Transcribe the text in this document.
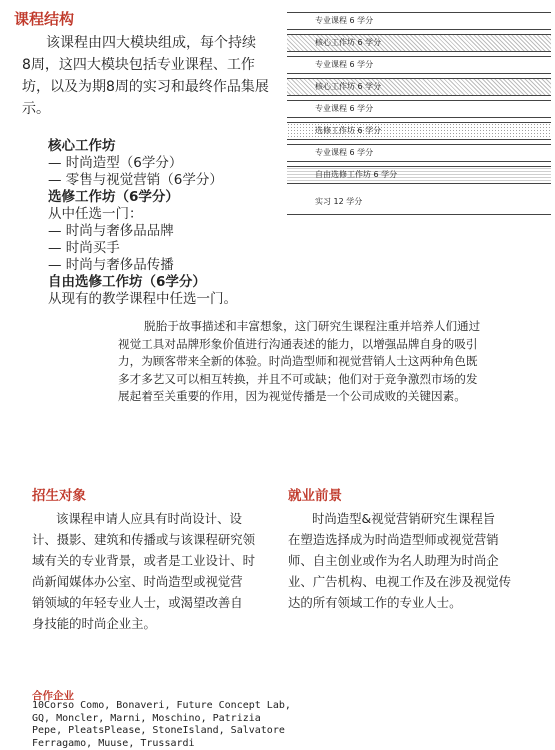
课程结构
该课程由四大模块组成，每个持续
8周，这四大模块包括专业课程、工作
坊，以及为期8周的实习和最终作品集展
示。
核心工作坊
— 时尚造型（6学分）
— 零售与视觉营销（6学分）
选修工作坊（6学分）
从中任选一门：
— 时尚与奢侈品品牌
— 时尚买手
— 时尚与奢侈品传播
自由选修工作坊（6学分）
从现有的教学课程中任选一门。
专业课程 6 学分
核心工作坊 6 学分
专业课程 6 学分
核心工作坊 6 学分
专业课程 6 学分
选修工作坊 6 学分
专业课程 6 学分
自由选修工作坊 6 学分
实习 12 学分
脱胎于故事描述和丰富想象，这门研究生课程注重并培养人们通过
视觉工具对品牌形象价值进行沟通表述的能力，以增强品牌自身的吸引
力，为顾客带来全新的体验。时尚造型师和视觉营销人士这两种角色既
多才多艺又可以相互转换，并且不可或缺；他们对于竞争激烈市场的发
展起着至关重要的作用，因为视觉传播是一个公司成败的关键因素。
招生对象
该课程申请人应具有时尚设计、设
计、摄影、建筑和传播或与该课程研究领
域有关的专业背景，或者是工业设计、时
尚新闻媒体办公室、时尚造型或视觉营
销领域的年轻专业人士，或渴望改善自
身技能的时尚企业主。
就业前景
时尚造型&视觉营销研究生课程旨
在塑造选择成为时尚造型师或视觉营销
师、自主创业或作为名人助理为时尚企
业、广告机构、电视工作及在涉及视觉传
达的所有领域工作的专业人士。
合作企业
10Corso Como, Bonaveri, Future Concept Lab,
GQ, Moncler, Marni, Moschino, Patrizia
Pepe, PleatsPlease, StoneIsland, Salvatore
Ferragamo, Muuse, Trussardi
